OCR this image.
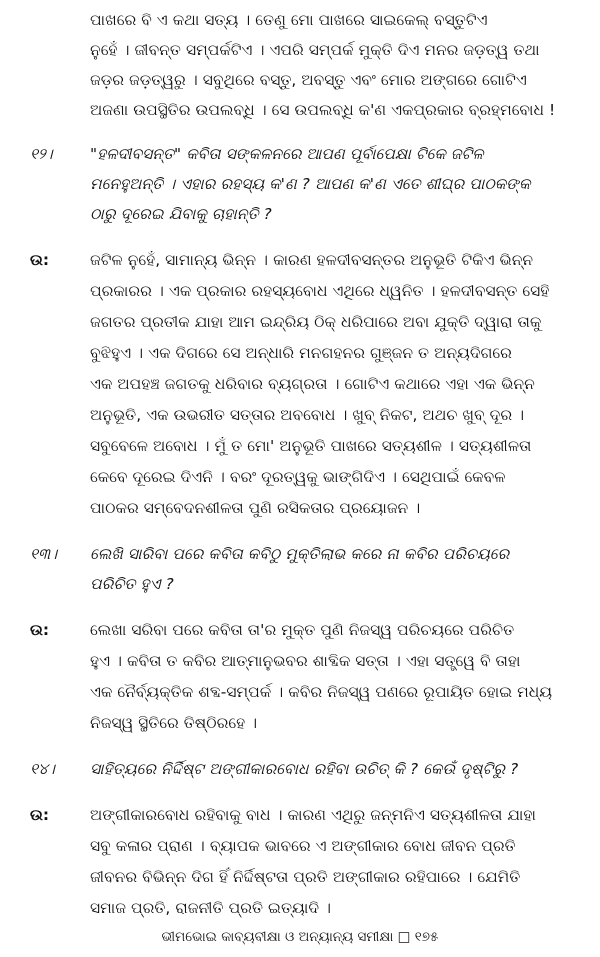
ପାଖରେ ବି ଏ କଥା ସତ୍ୟ । ତେଣୁ ମୋ ପାଖରେ ସାଇକେଲ୍ ବସ୍ତୁଟିଏ
ନୁହେଁ । ଜୀବନ୍ତ ସମ୍ପର୍କଟିଏ । ଏପରି ସମ୍ପର୍କ ମୁକ୍ତି ଦିଏ ମନର ଜଡ଼ତ୍ୱ ତଥା
ଜଡ଼ର ଜଡ଼ତ୍ୱରୁ । ସବୁଥିରେ ବସ୍ତୁ, ଅବସ୍ତୁ ଏବଂ ମୋର ଅଙ୍ଗରେ ଗୋଟିଏ
ଅଜଣା ଉପସ୍ଥିତିର ଉପଲବ୍ଧି । ସେ ଉପଲବ୍ଧି କ'ଣ ଏକପ୍ରକାର ବ୍ରହ୍ମବୋଧ !
୧୨।	"ହଳଦୀବସନ୍ତ" କବିତା ସଙ୍କଳନରେ ଆପଣ ପୂର୍ବାପେକ୍ଷା ଟିକେ ଜଟିଳ
ମନେହୁଅନ୍ତି । ଏହାର ରହସ୍ୟ କ'ଣ ? ଆପଣ କ'ଣ ଏତେ ଶୀଘ୍ର ପାଠକଙ୍କ
ଠାରୁ ଦୂରେଇ ଯିବାକୁ ଚାହାନ୍ତି ?
ଉ:	ଜଟିଳ ନୁହେଁ, ସାମାନ୍ୟ ଭିନ୍ନ । କାରଣ ହଳଦୀବସନ୍ତର ଅନୁଭୂତି ଟିକିଏ ଭିନ୍ନ
ପ୍ରକାରର । ଏକ ପ୍ରକାର ରହସ୍ୟବୋଧ ଏଥିରେ ଧ୍ୱନିତ । ହଳଦୀବସନ୍ତ ସେହି
ଜଗତର ପ୍ରତୀକ ଯାହା ଆମ ଇନ୍ଦ୍ରିୟ ଠିକ୍ ଧରିପାରେ ଅବା ଯୁକ୍ତି ଦ୍ୱାରା ତାକୁ
ବୁଝିହୁଏ । ଏକ ଦିଗରେ ସେ ଅନ୍ଧାରି ମନଗହନର ଗୁଞ୍ଜନ ତ ଅନ୍ୟଦିଗରେ
ଏକ ଅପହଞ୍ଚ ଜଗତକୁ ଧରିବାର ବ୍ୟଗ୍ରତା । ଗୋଟିଏ କଥାରେ ଏହା ଏକ ଭିନ୍ନ
ଅନୁଭୂତି, ଏକ ଉଭରୀତ ସତ୍ତାର ଅବବୋଧ । ଖୁବ୍ ନିକଟ, ଅଥଚ ଖୁବ୍ ଦୂର ।
ସବୁବେଳେ ଅବୋଧ । ମୁଁ ତ ମୋ' ଅନୁଭୂତି ପାଖରେ ସତ୍ୟଶୀଳ । ସତ୍ୟଶୀଳତା
କେବେ ଦୂରେଇ ଦିଏନି । ବରଂ ଦୂରତ୍ୱକୁ ଭାଙ୍ଗିଦିଏ । ସେଥିପାଇଁ କେବଳ
ପାଠକର ସମ୍ବେଦନଶୀଳତା ପୁଣି ରସିକତାର ପ୍ରୟୋଜନ ।
୧୩।	ଲେଖି ସାରିବା ପରେ କବିତା କବିଠୁ ମୁକ୍ତିଲାଭ କରେ ନା କବିର ପରିଚୟରେ
ପରିଚିତ ହୁଏ ?
ଉ:	ଲେଖା ସରିବା ପରେ କବିତା ତା'ର ମୁକ୍ତ ପୁଣି ନିଜସ୍ୱ ପରିଚୟରେ ପରିଚିତ
ହୁଏ । କବିତା ତ କବିର ଆତ୍ମାନୁଭବର ଶାବ୍ଦିକ ସତ୍ତା । ଏହା ସତ୍ତ୍ୱେ ବି ତାହା
ଏକ ନୈର୍ବ୍ୟକ୍ତିକ ଶବ୍ଦ-ସମ୍ପର୍କ । କବିର ନିଜସ୍ୱ ପଣରେ ରୂପାୟିତ ହୋଇ ମଧ୍ୟ
ନିଜସ୍ୱ ସ୍ଥିତିରେ ତିଷ୍ଠିରହେ ।
୧୪।	ସାହିତ୍ୟରେ ନିର୍ଦ୍ଦିଷ୍ଟ ଅଙ୍ଗୀକାରବୋଧ ରହିବା ଉଚିତ୍ କି ? କେଉଁ ଦୃଷ୍ଟିରୁ ?
ଉ:	ଅଙ୍ଗୀକାରବୋଧ ରହିବାକୁ ବାଧ । କାରଣ ଏଥିରୁ ଜନ୍ମନିଏ ସତ୍ୟଶୀଳତା ଯାହା
ସବୁ କଳାର ପ୍ରାଣ । ବ୍ୟାପକ ଭାବରେ ଏ ଅଙ୍ଗୀକାର ବୋଧ ଜୀବନ ପ୍ରତି
ଜୀବନର ବିଭିନ୍ନ ଦିଗ ହିଁ ନିର୍ଦ୍ଦିଷ୍ଟତା ପ୍ରତି ଅଙ୍ଗୀକାର ରହିପାରେ । ଯେମିତି
ସମାଜ ପ୍ରତି, ରାଜନୀତି ପ୍ରତି ଇତ୍ୟାଦି ।
ଭୀମଭୋଇ କାବ୍ୟବୀକ୍ଷା ଓ ଅନ୍ୟାନ୍ୟ ସମୀକ୍ଷା □ ୧୭୫
